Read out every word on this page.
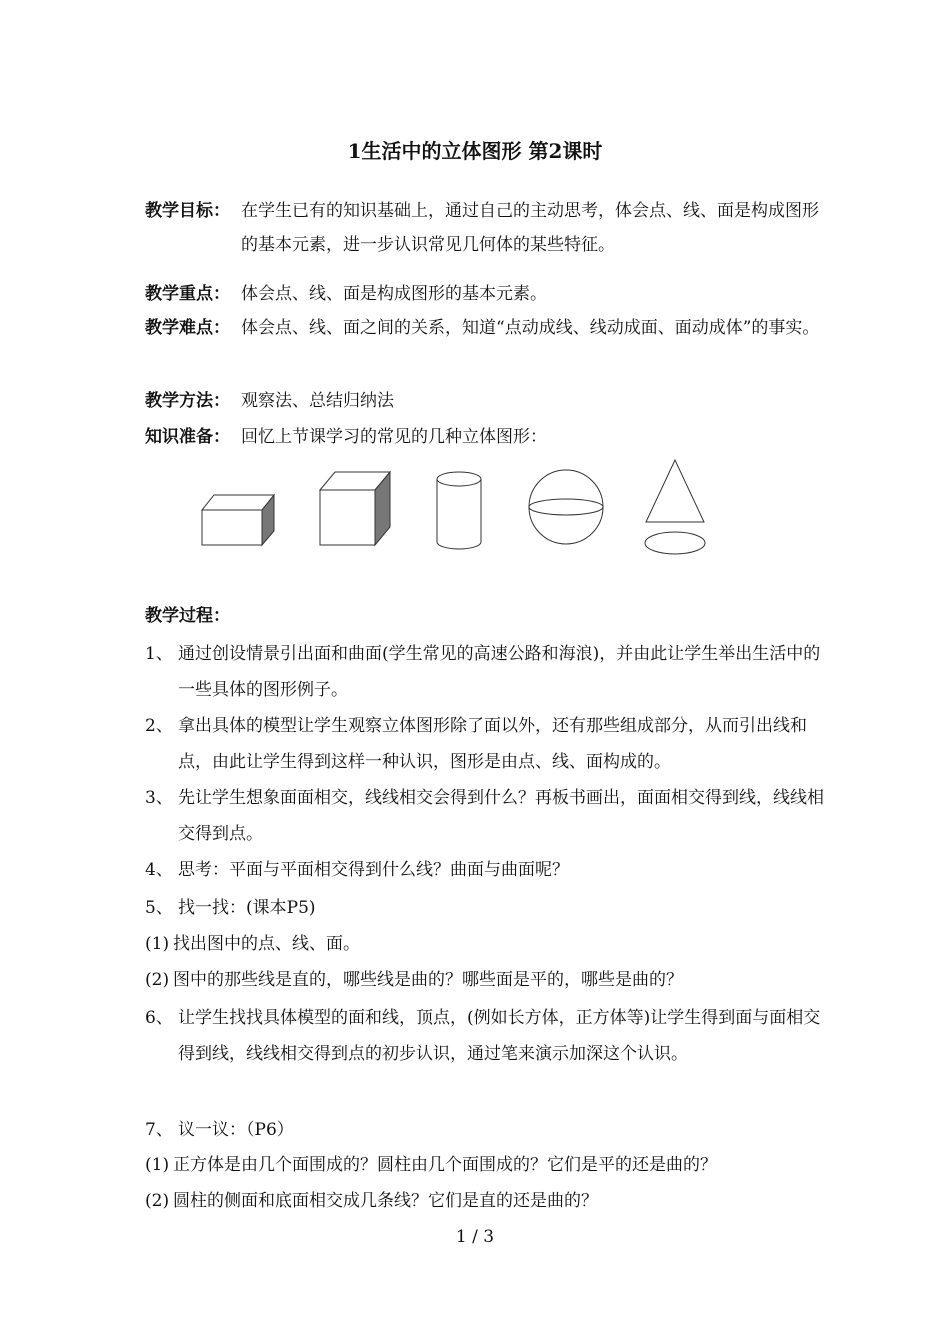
1生活中的立体图形 第2课时
教学目标： 在学生已有的知识基础上，通过自己的主动思考，体会点、线、面是构成图形的基本元素，进一步认识常见几何体的某些特征。
教学重点： 体会点、线、面是构成图形的基本元素。
教学难点： 体会点、线、面之间的关系，知道“点动成线、线动成面、面动成体”的事实。
教学方法： 观察法、总结归纳法
知识准备： 回忆上节课学习的常见的几种立体图形：
教学过程：
1、 通过创设情景引出面和曲面(学生常见的高速公路和海浪)，并由此让学生举出生活中的一些具体的图形例子。
2、 拿出具体的模型让学生观察立体图形除了面以外，还有那些组成部分，从而引出线和点，由此让学生得到这样一种认识，图形是由点、线、面构成的。
3、 先让学生想象面面相交，线线相交会得到什么？再板书画出，面面相交得到线，线线相交得到点。
4、 思考：平面与平面相交得到什么线？曲面与曲面呢？
5、 找一找：(课本P5)
(1) 找出图中的点、线、面。
(2) 图中的那些线是直的，哪些线是曲的？哪些面是平的，哪些是曲的？
6、 让学生找找具体模型的面和线，顶点，(例如长方体，正方体等)让学生得到面与面相交得到线，线线相交得到点的初步认识，通过笔来演示加深这个认识。
7、 议一议：（P6）
(1) 正方体是由几个面围成的？圆柱由几个面围成的？它们是平的还是曲的？
(2) 圆柱的侧面和底面相交成几条线？它们是直的还是曲的？
1 / 3
